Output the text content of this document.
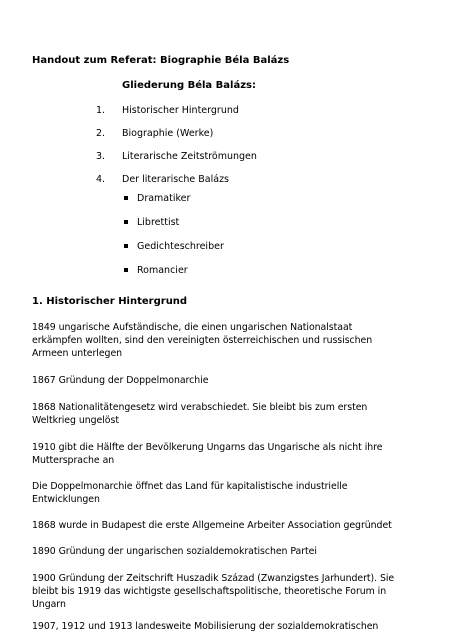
Handout zum Referat: Biographie Béla Balázs
Gliederung Béla Balázs:
1.	Historischer Hintergrund
2.	Biographie (Werke)
3.	Literarische Zeitströmungen
4.	Der literarische Balázs
Dramatiker
Librettist
Gedichteschreiber
Romancier
1. Historischer Hintergrund

1849 ungarische Aufständische, die einen ungarischen Nationalstaat
erkämpfen wollten, sind den vereinigten österreichischen und russischen
Armeen unterlegen

1867 Gründung der Doppelmonarchie

1868 Nationalitätengesetz wird verabschiedet. Sie bleibt bis zum ersten
Weltkrieg ungelöst

1910 gibt die Hälfte der Bevölkerung Ungarns das Ungarische als nicht ihre
Muttersprache an

Die Doppelmonarchie öffnet das Land für kapitalistische industrielle
Entwicklungen

1868 wurde in Budapest die erste Allgemeine Arbeiter Association gegründet

1890 Gründung der ungarischen sozialdemokratischen Partei

1900 Gründung der Zeitschrift Huszadik Század (Zwanzigstes Jarhundert). Sie
bleibt bis 1919 das wichtigste gesellschaftspolitische, theoretische Forum in
Ungarn

1907, 1912 und 1913 landesweite Mobilisierung der sozialdemokratischen
